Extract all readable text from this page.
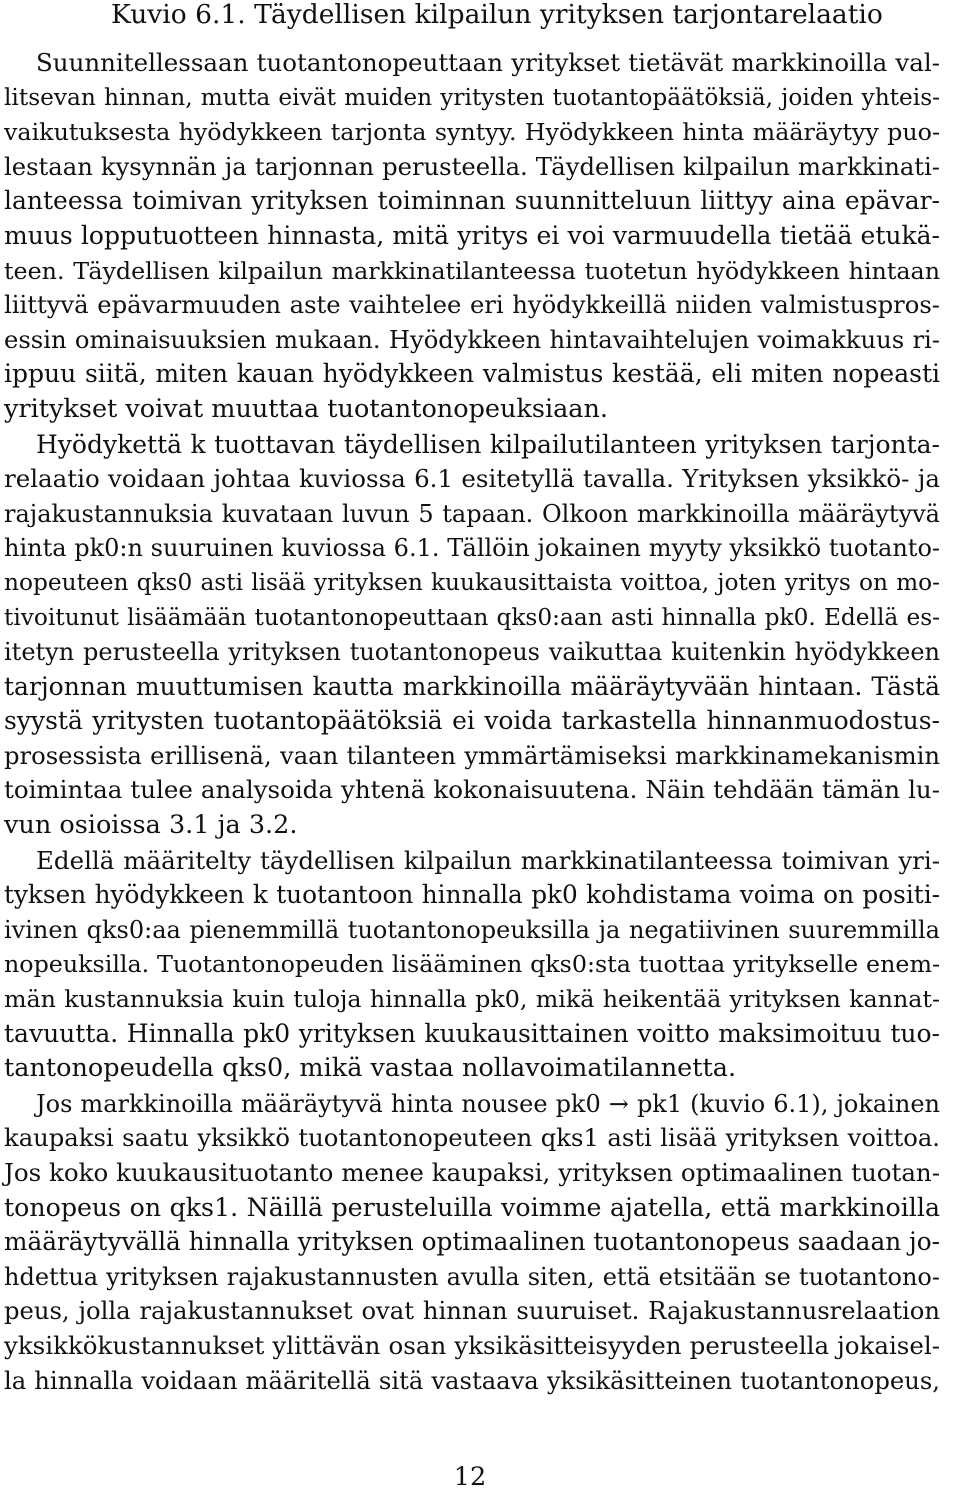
Kuvio 6.1. Täydellisen kilpailun yrityksen tarjontarelaatio
Suunnitellessaan tuotantonopeuttaan yritykset tietävät markkinoilla val-
litsevan hinnan, mutta eivät muiden yritysten tuotantopäätöksiä, joiden yhteis-
vaikutuksesta hyödykkeen tarjonta syntyy. Hyödykkeen hinta määräytyy puo-
lestaan kysynnän ja tarjonnan perusteella. Täydellisen kilpailun markkinati-
lanteessa toimivan yrityksen toiminnan suunnitteluun liittyy aina epävar-
muus lopputuotteen hinnasta, mitä yritys ei voi varmuudella tietää etukä-
teen. Täydellisen kilpailun markkinatilanteessa tuotetun hyödykkeen hintaan
liittyvä epävarmuuden aste vaihtelee eri hyödykkeillä niiden valmistuspros-
essin ominaisuuksien mukaan. Hyödykkeen hintavaihtelujen voimakkuus ri-
ippuu siitä, miten kauan hyödykkeen valmistus kestää, eli miten nopeasti
yritykset voivat muuttaa tuotantonopeuksiaan.
Hyödykettä k tuottavan täydellisen kilpailutilanteen yrityksen tarjonta-
relaatio voidaan johtaa kuviossa 6.1 esitetyllä tavalla. Yrityksen yksikkö- ja
rajakustannuksia kuvataan luvun 5 tapaan. Olkoon markkinoilla määräytyvä
hinta pk0:n suuruinen kuviossa 6.1. Tällöin jokainen myyty yksikkö tuotanto-
nopeuteen qks0 asti lisää yrityksen kuukausittaista voittoa, joten yritys on mo-
tivoitunut lisäämään tuotantonopeuttaan qks0:aan asti hinnalla pk0. Edellä es-
itetyn perusteella yrityksen tuotantonopeus vaikuttaa kuitenkin hyödykkeen
tarjonnan muuttumisen kautta markkinoilla määräytyvään hintaan. Tästä
syystä yritysten tuotantopäätöksiä ei voida tarkastella hinnanmuodostus-
prosessista erillisenä, vaan tilanteen ymmärtämiseksi markkinamekanismin
toimintaa tulee analysoida yhtenä kokonaisuutena. Näin tehdään tämän lu-
vun osioissa 3.1 ja 3.2.
Edellä määritelty täydellisen kilpailun markkinatilanteessa toimivan yri-
tyksen hyödykkeen k tuotantoon hinnalla pk0 kohdistama voima on positi-
ivinen qks0:aa pienemmillä tuotantonopeuksilla ja negatiivinen suuremmilla
nopeuksilla. Tuotantonopeuden lisääminen qks0:sta tuottaa yritykselle enem-
män kustannuksia kuin tuloja hinnalla pk0, mikä heikentää yrityksen kannat-
tavuutta. Hinnalla pk0 yrityksen kuukausittainen voitto maksimoituu tuo-
tantonopeudella qks0, mikä vastaa nollavoimatilannetta.
Jos markkinoilla määräytyvä hinta nousee pk0 → pk1 (kuvio 6.1), jokainen
kaupaksi saatu yksikkö tuotantonopeuteen qks1 asti lisää yrityksen voittoa.
Jos koko kuukausituotanto menee kaupaksi, yrityksen optimaalinen tuotan-
tonopeus on qks1. Näillä perusteluilla voimme ajatella, että markkinoilla
määräytyvällä hinnalla yrityksen optimaalinen tuotantonopeus saadaan jo-
hdettua yrityksen rajakustannusten avulla siten, että etsitään se tuotantono-
peus, jolla rajakustannukset ovat hinnan suuruiset. Rajakustannusrelaation
yksikkökustannukset ylittävän osan yksikäsitteisyyden perusteella jokaisel-
la hinnalla voidaan määritellä sitä vastaava yksikäsitteinen tuotantonopeus,
12
